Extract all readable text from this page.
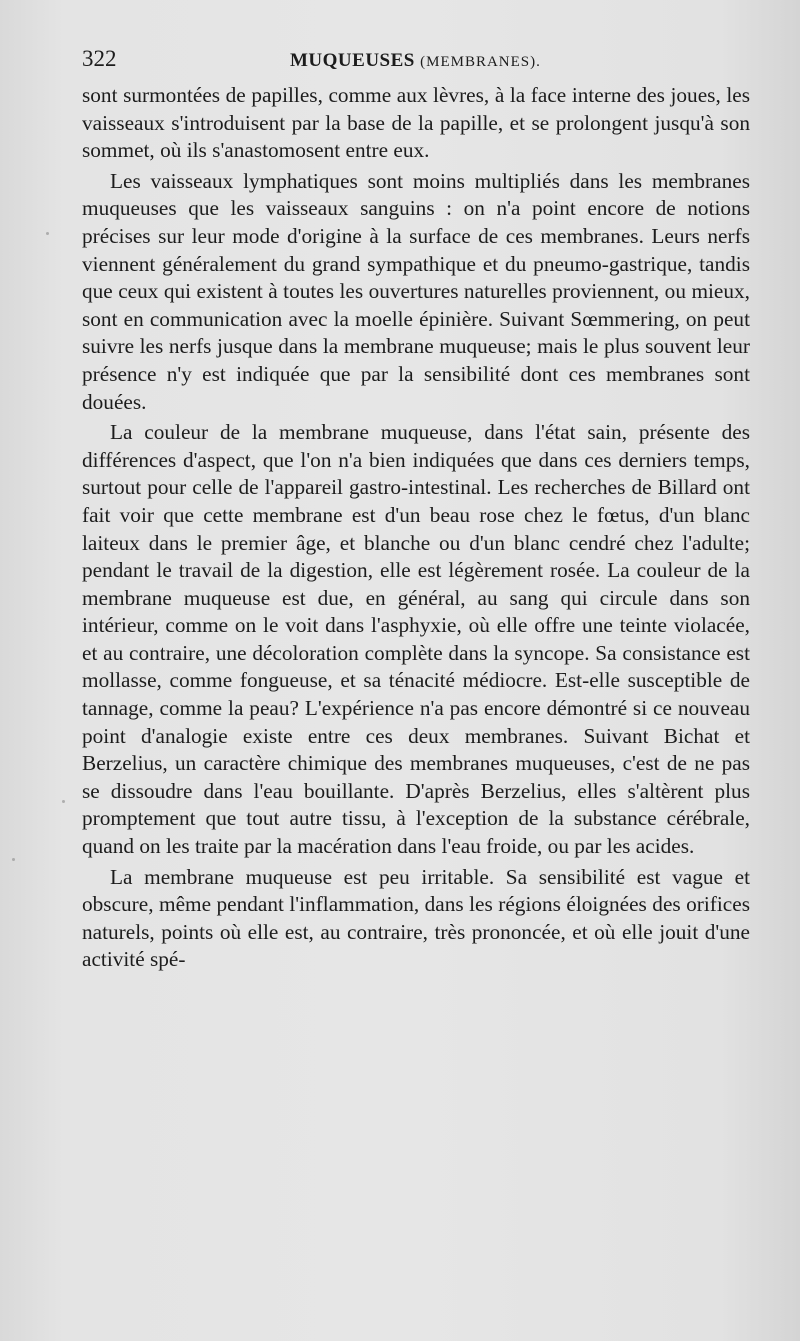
322	MUQUEUSES (MEMBRANES).

sont surmontées de papilles, comme aux lèvres, à la face interne des joues, les vaisseaux s'introduisent par la base de la papille, et se prolongent jusqu'à son sommet, où ils s'anastomosent entre eux.

Les vaisseaux lymphatiques sont moins multipliés dans les membranes muqueuses que les vaisseaux sanguins : on n'a point encore de notions précises sur leur mode d'origine à la surface de ces membranes. Leurs nerfs viennent généralement du grand sympathique et du pneumo-gastrique, tandis que ceux qui existent à toutes les ouvertures naturelles proviennent, ou mieux, sont en communication avec la moelle épinière. Suivant Sœmmering, on peut suivre les nerfs jusque dans la membrane muqueuse; mais le plus souvent leur présence n'y est indiquée que par la sensibilité dont ces membranes sont douées.

La couleur de la membrane muqueuse, dans l'état sain, présente des différences d'aspect, que l'on n'a bien indiquées que dans ces derniers temps, surtout pour celle de l'appareil gastro-intestinal. Les recherches de Billard ont fait voir que cette membrane est d'un beau rose chez le fœtus, d'un blanc laiteux dans le premier âge, et blanche ou d'un blanc cendré chez l'adulte; pendant le travail de la digestion, elle est légèrement rosée. La couleur de la membrane muqueuse est due, en général, au sang qui circule dans son intérieur, comme on le voit dans l'asphyxie, où elle offre une teinte violacée, et au contraire, une décoloration complète dans la syncope. Sa consistance est mollasse, comme fongueuse, et sa ténacité médiocre. Est-elle susceptible de tannage, comme la peau? L'expérience n'a pas encore démontré si ce nouveau point d'analogie existe entre ces deux membranes. Suivant Bichat et Berzelius, un caractère chimique des membranes muqueuses, c'est de ne pas se dissoudre dans l'eau bouillante. D'après Berzelius, elles s'altèrent plus promptement que tout autre tissu, à l'exception de la substance cérébrale, quand on les traite par la macération dans l'eau froide, ou par les acides.

La membrane muqueuse est peu irritable. Sa sensibilité est vague et obscure, même pendant l'inflammation, dans les régions éloignées des orifices naturels, points où elle est, au contraire, très prononcée, et où elle jouit d'une activité spé-
